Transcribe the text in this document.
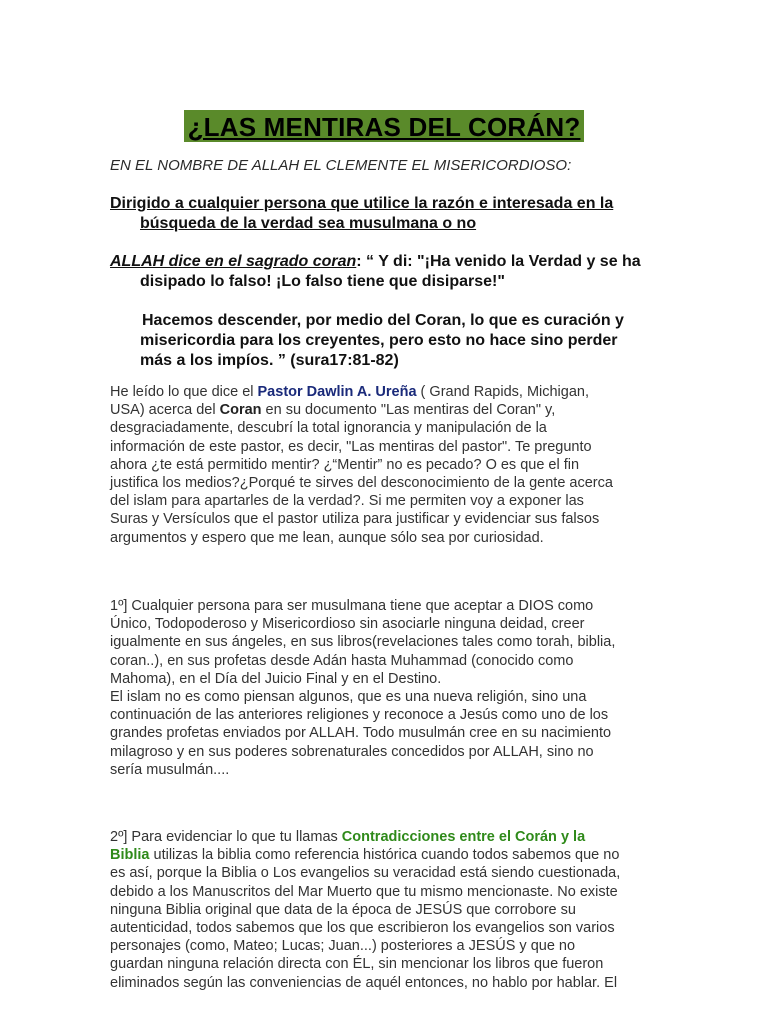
¿LAS MENTIRAS DEL CORÁN?
EN EL NOMBRE DE ALLAH EL CLEMENTE EL MISERICORDIOSO:
Dirigido a cualquier persona que utilice la razón e interesada en la
búsqueda de la verdad sea musulmana o no
ALLAH dice en el sagrado coran: “ Y di: "¡Ha venido la Verdad y se ha
disipado lo falso! ¡Lo falso tiene que disiparse!"
Hacemos descender, por medio del Coran, lo que es curación y
misericordia para los creyentes, pero esto no hace sino perder
más a los impíos. ” (sura17:81-82)
He leído lo que dice el Pastor Dawlin A. Ureña ( Grand Rapids, Michigan,
USA) acerca del Coran en su documento "Las mentiras del Coran" y,
desgraciadamente, descubrí la total ignorancia y manipulación de la
información de este pastor, es decir, "Las mentiras del pastor". Te pregunto
ahora ¿te está permitido mentir? ¿“Mentir” no es pecado? O es que el fin
justifica los medios?¿Porqué te sirves del desconocimiento de la gente acerca
del islam para apartarles de la verdad?. Si me permiten voy a exponer las
Suras y Versículos que el pastor utiliza para justificar y evidenciar sus falsos
argumentos y espero que me lean, aunque sólo sea por curiosidad.
1º] Cualquier persona para ser musulmana tiene que aceptar a DIOS como
Único, Todopoderoso y Misericordioso sin asociarle ninguna deidad, creer
igualmente en sus ángeles, en sus libros(revelaciones tales como torah, biblia,
coran..), en sus profetas desde Adán hasta Muhammad (conocido como
Mahoma), en el Día del Juicio Final y en el Destino.
El islam no es como piensan algunos, que es una nueva religión, sino una
continuación de las anteriores religiones y reconoce a Jesús como uno de los
grandes profetas enviados por ALLAH. Todo musulmán cree en su nacimiento
milagroso y en sus poderes sobrenaturales concedidos por ALLAH, sino no
sería musulmán....
2º] Para evidenciar lo que tu llamas Contradicciones entre el Corán y la
Biblia utilizas la biblia como referencia histórica cuando todos sabemos que no
es así, porque la Biblia o Los evangelios su veracidad está siendo cuestionada,
debido a los Manuscritos del Mar Muerto que tu mismo mencionaste. No existe
ninguna Biblia original que data de la época de JESÚS que corrobore su
autenticidad, todos sabemos que los que escribieron los evangelios son varios
personajes (como, Mateo; Lucas; Juan...) posteriores a JESÚS y que no
guardan ninguna relación directa con ÉL, sin mencionar los libros que fueron
eliminados según las conveniencias de aquél entonces, no hablo por hablar. El
